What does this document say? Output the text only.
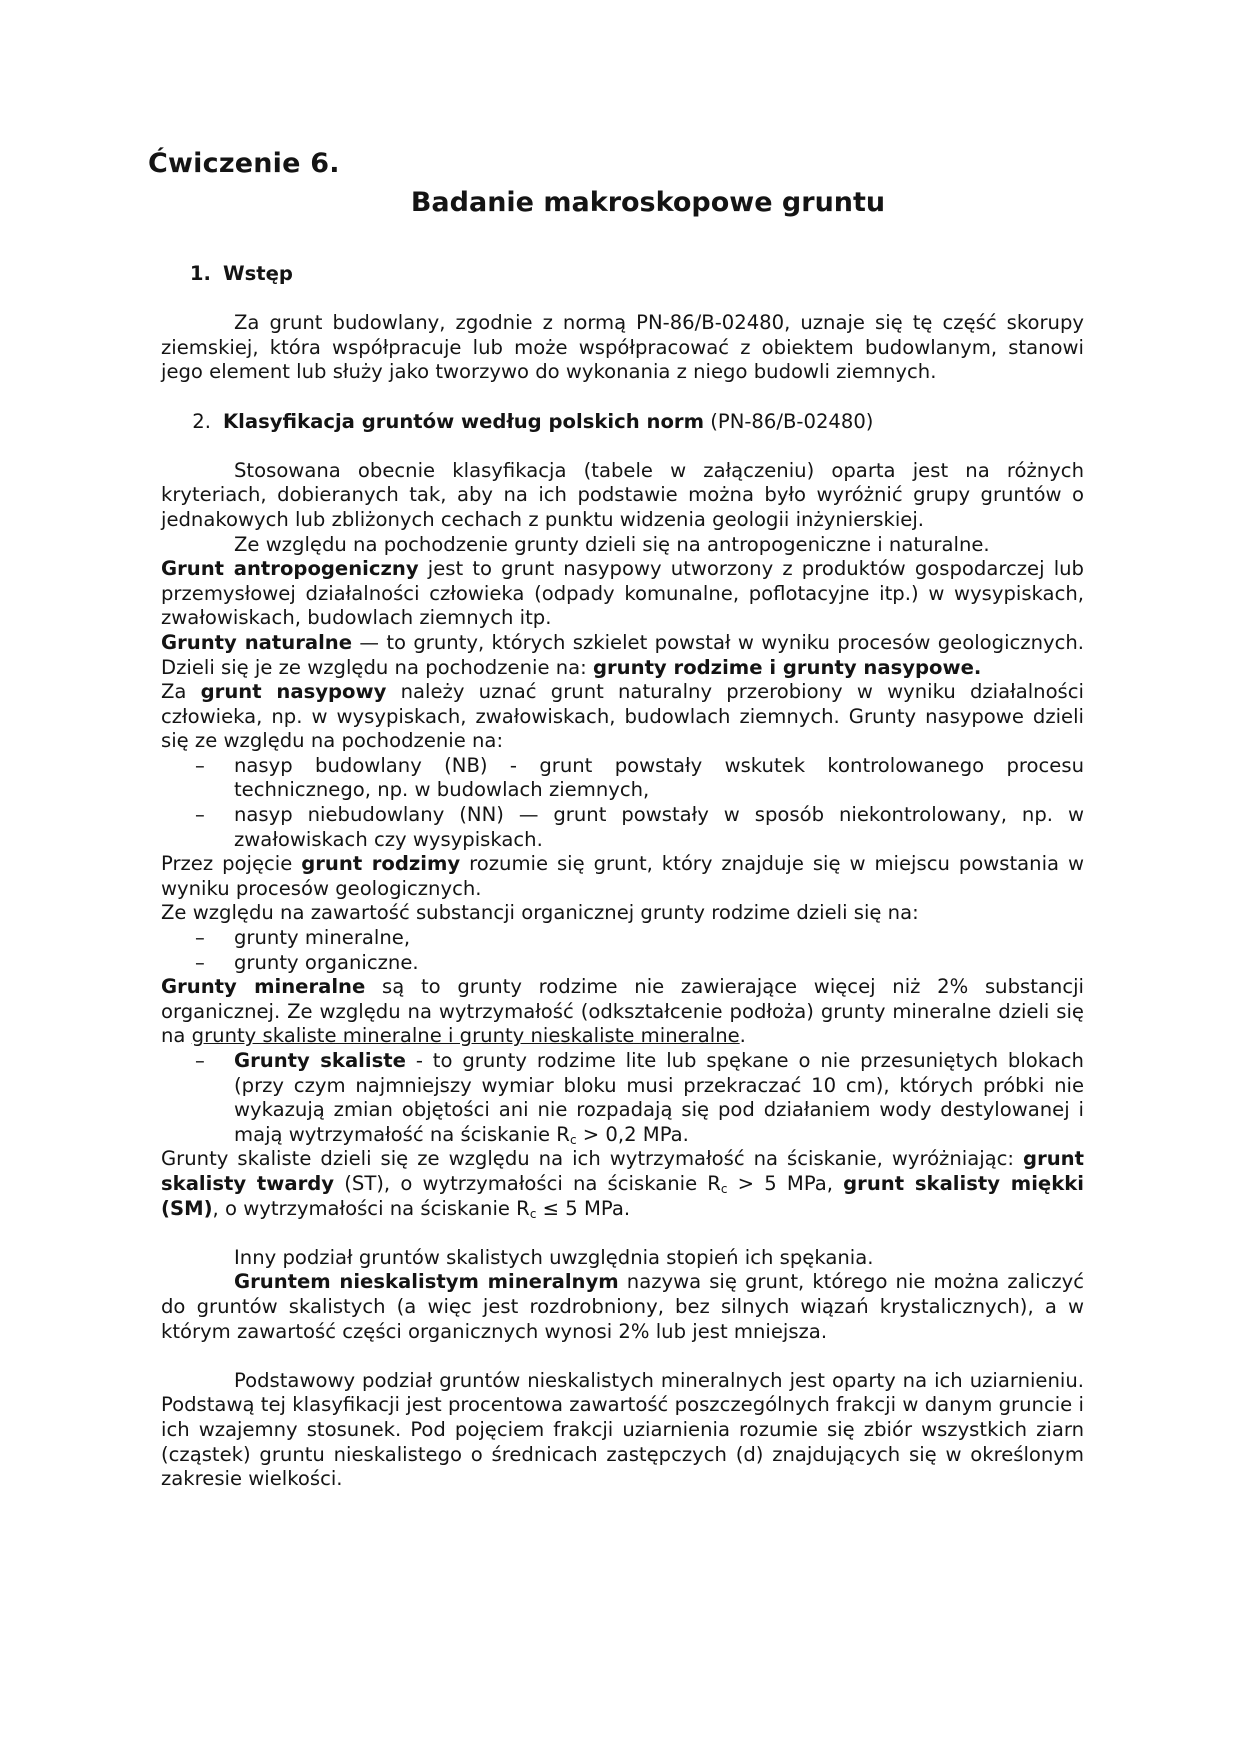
Ćwiczenie 6.
Badanie makroskopowe gruntu
1. Wstęp

Za grunt budowlany, zgodnie z normą PN-86/B-02480, uznaje się tę część skorupy ziemskiej, która współpracuje lub może współpracować z obiektem budowlanym, stanowi jego element lub służy jako tworzywo do wykonania z niego budowli ziemnych.

2. Klasyfikacja gruntów według polskich norm (PN-86/B-02480)

Stosowana obecnie klasyfikacja (tabele w załączeniu) oparta jest na różnych kryteriach, dobieranych tak, aby na ich podstawie można było wyróżnić grupy gruntów o jednakowych lub zbliżonych cechach z punktu widzenia geologii inżynierskiej.

Ze względu na pochodzenie grunty dzieli się na antropogeniczne i naturalne.

Grunt antropogeniczny jest to grunt nasypowy utworzony z produktów gospodarczej lub przemysłowej działalności człowieka (odpady komunalne, poflotacyjne itp.) w wysypiskach, zwałowiskach, budowlach ziemnych itp.

Grunty naturalne — to grunty, których szkielet powstał w wyniku procesów geologicznych. Dzieli się je ze względu na pochodzenie na: grunty rodzime i grunty nasypowe.

Za grunt nasypowy należy uznać grunt naturalny przerobiony w wyniku działalności człowieka, np. w wysypiskach, zwałowiskach, budowlach ziemnych. Grunty nasypowe dzieli się ze względu na pochodzenie na:

– nasyp budowlany (NB) - grunt powstały wskutek kontrolowanego procesu technicznego, np. w budowlach ziemnych,
– nasyp niebudowlany (NN) — grunt powstały w sposób niekontrolowany, np. w zwałowiskach czy wysypiskach.

Przez pojęcie grunt rodzimy rozumie się grunt, który znajduje się w miejscu powstania w wyniku procesów geologicznych.

Ze względu na zawartość substancji organicznej grunty rodzime dzieli się na:

– grunty mineralne,
– grunty organiczne.

Grunty mineralne są to grunty rodzime nie zawierające więcej niż 2% substancji organicznej. Ze względu na wytrzymałość (odkształcenie podłoża) grunty mineralne dzieli się na grunty skaliste mineralne i grunty nieskaliste mineralne.

– Grunty skaliste - to grunty rodzime lite lub spękane o nie przesuniętych blokach (przy czym najmniejszy wymiar bloku musi przekraczać 10 cm), których próbki nie wykazują zmian objętości ani nie rozpadają się pod działaniem wody destylowanej i mają wytrzymałość na ściskanie $R_c > 0,2$ MPa.

Grunty skaliste dzieli się ze względu na ich wytrzymałość na ściskanie, wyróżniając: grunt skalisty twardy (ST), o wytrzymałości na ściskanie $R_c > 5$ MPa, grunt skalisty miękki (SM), o wytrzymałości na ściskanie $R_c \le 5$ MPa.

Inny podział gruntów skalistych uwzględnia stopień ich spękania.

Gruntem nieskalistym mineralnym nazywa się grunt, którego nie można zaliczyć do gruntów skalistych (a więc jest rozdrobniony, bez silnych wiązań krystalicznych), a w którym zawartość części organicznych wynosi 2% lub jest mniejsza.

Podstawowy podział gruntów nieskalistych mineralnych jest oparty na ich uziarnieniu. Podstawą tej klasyfikacji jest procentowa zawartość poszczególnych frakcji w danym gruncie i ich wzajemny stosunek. Pod pojęciem frakcji uziarnienia rozumie się zbiór wszystkich ziarn (cząstek) gruntu nieskalistego o średnicach zastępczych (d) znajdujących się w określonym zakresie wielkości.
